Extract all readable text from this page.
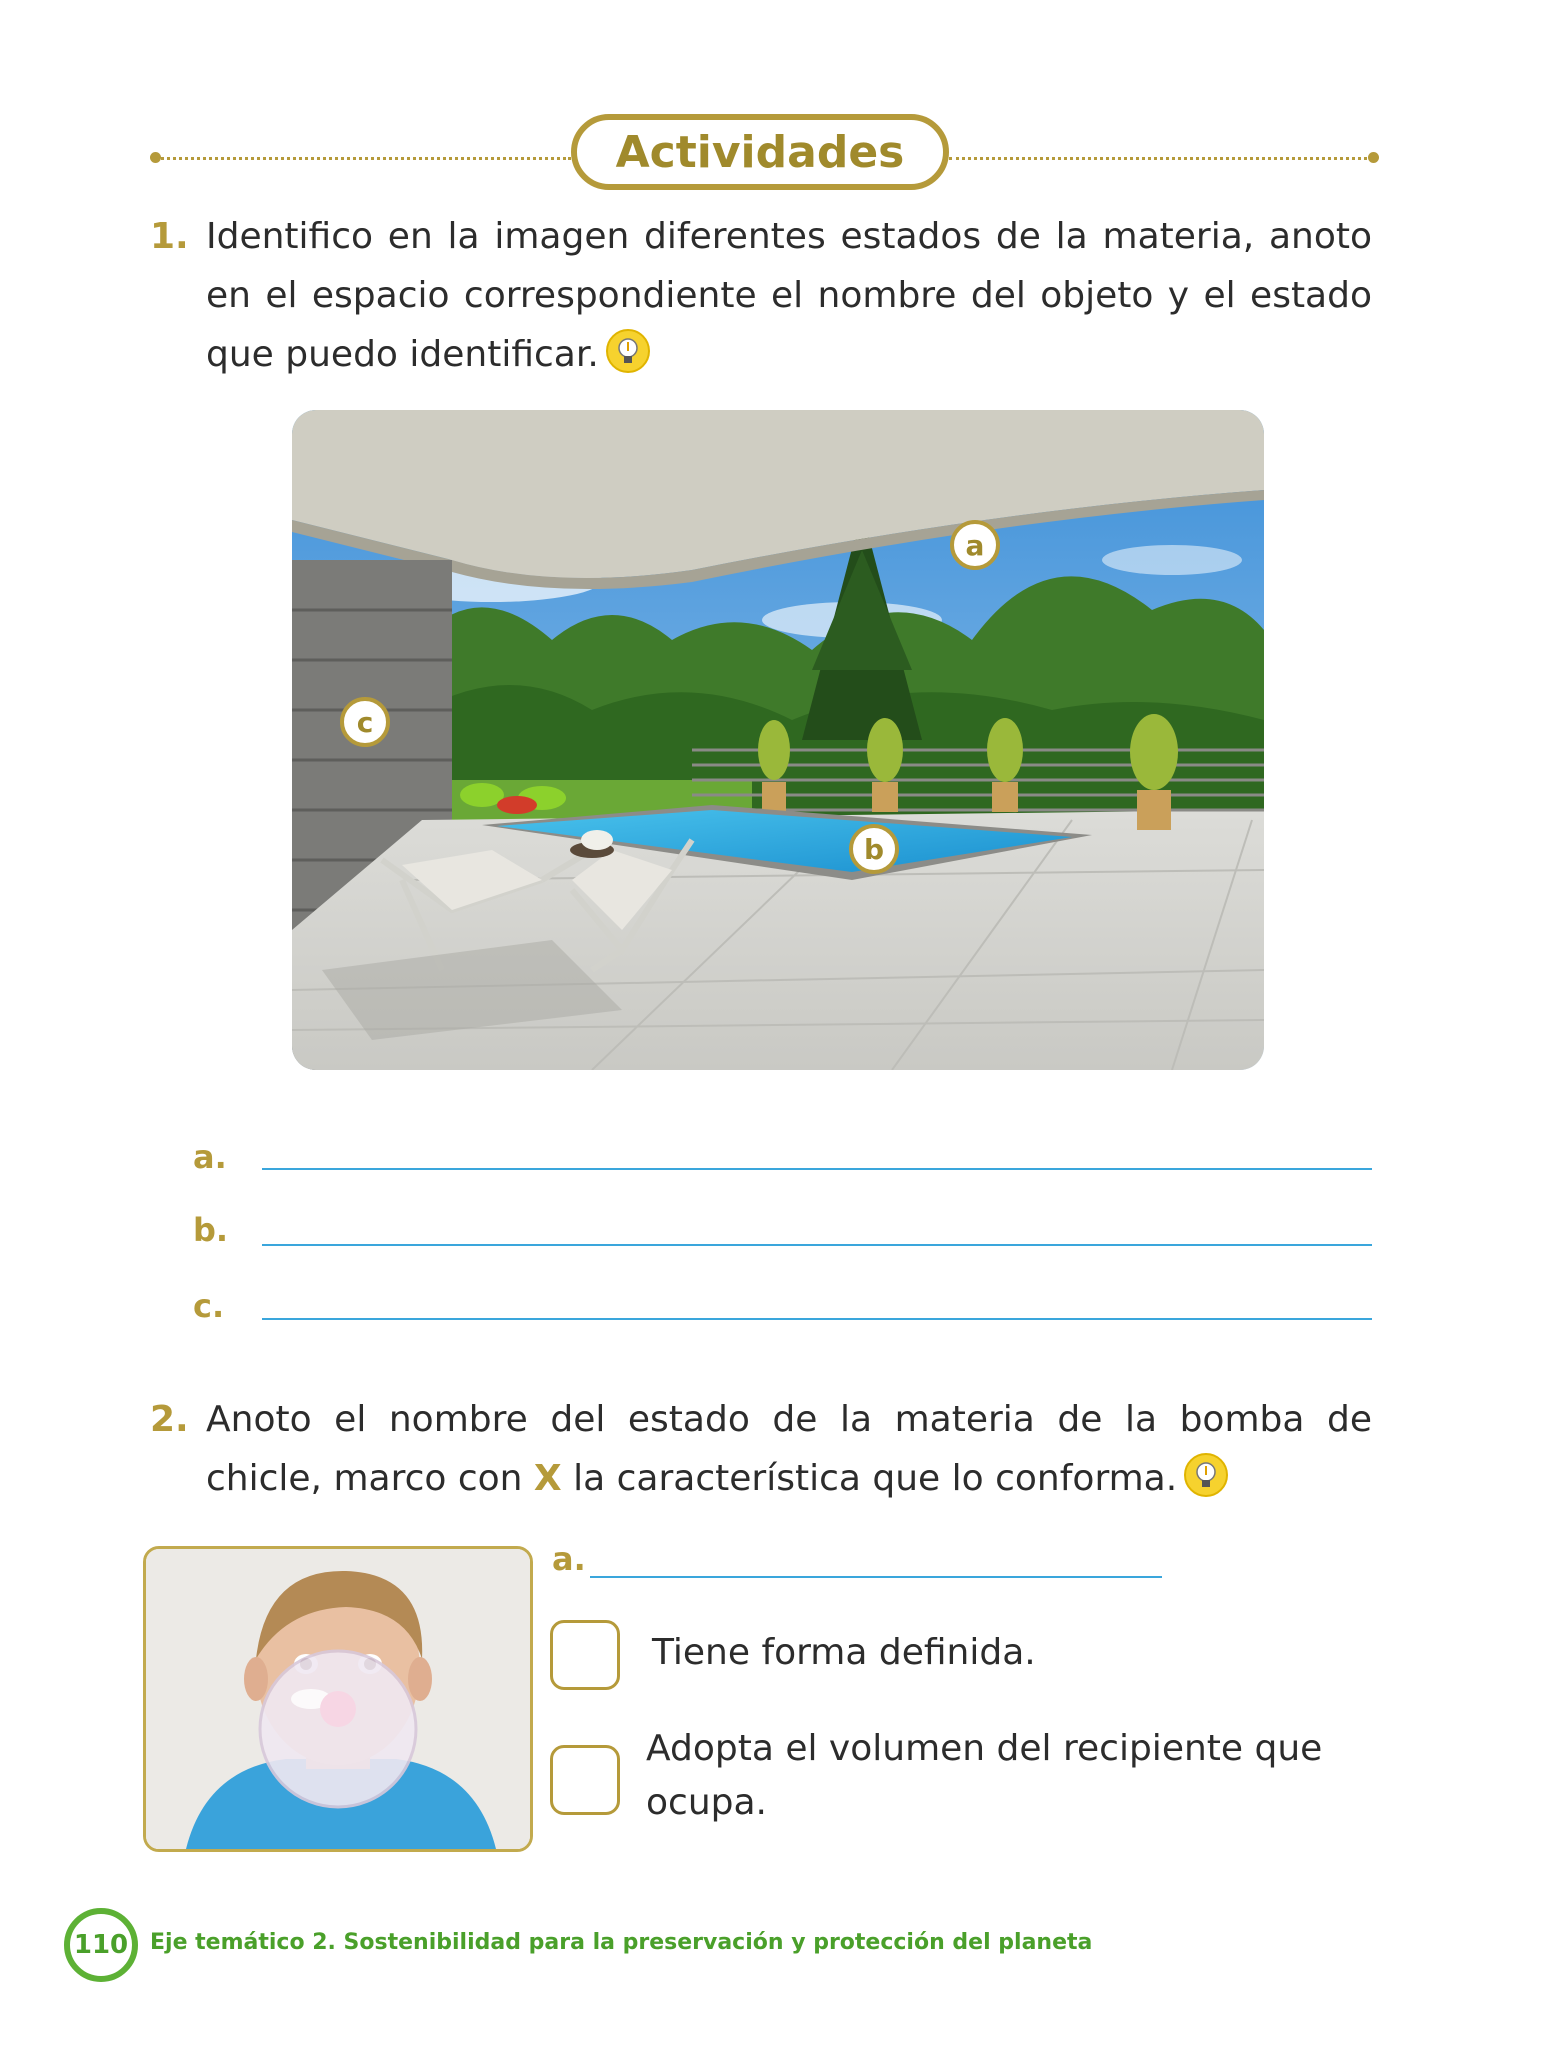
Actividades
1. Identifico en la imagen diferentes estados de la materia, anoto en el espacio correspondiente el nombre del objeto y el estado que puedo identificar.
a
b
c
a.
b.
c.
2. Anoto el nombre del estado de la materia de la bomba de chicle, marco con X la característica que lo conforma.
a.
Tiene forma definida.
Adopta el volumen del recipiente que ocupa.
110 Eje temático 2. Sostenibilidad para la preservación y protección del planeta
